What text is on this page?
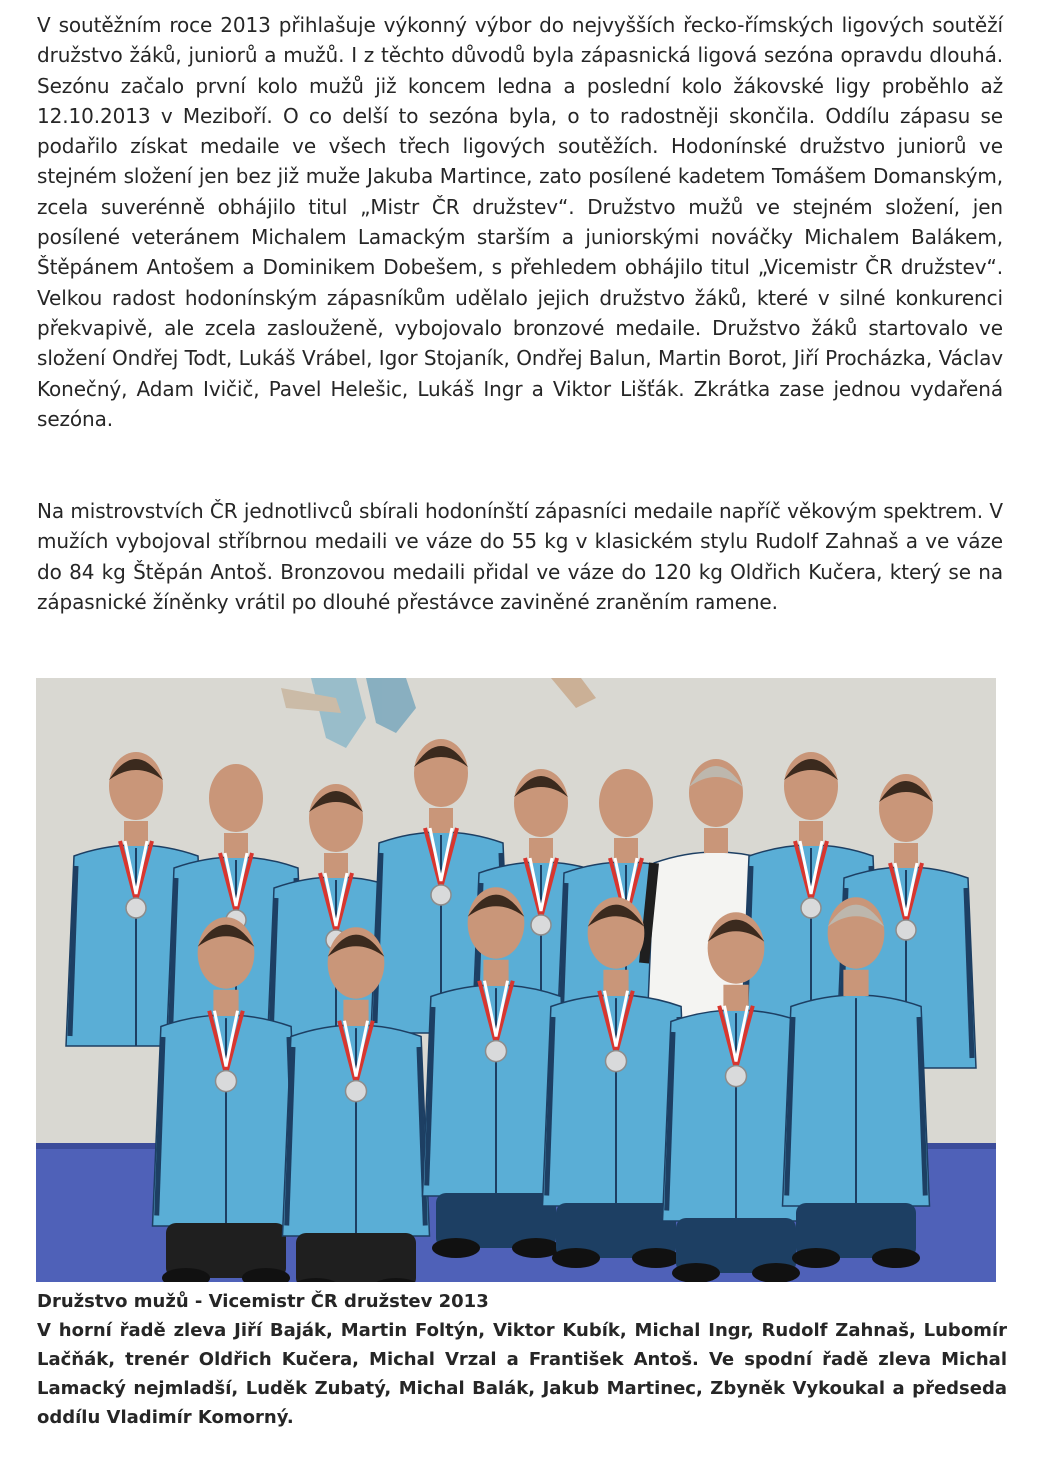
V soutěžním roce 2013 přihlašuje výkonný výbor do nejvyšších řecko-římských ligových soutěží družstvo žáků, juniorů a mužů. I z těchto důvodů byla zápasnická ligová sezóna opravdu dlouhá. Sezónu začalo první kolo mužů již koncem ledna a poslední kolo žákovské ligy proběhlo až 12.10.2013 v Meziboří. O co delší to sezóna byla, o to radostněji skončila. Oddílu zápasu se podařilo získat medaile ve všech třech ligových soutěžích. Hodonínské družstvo juniorů ve stejném složení jen bez již muže Jakuba Martince, zato posílené kadetem Tomášem Domanským, zcela suverénně obhájilo titul „Mistr ČR družstev“. Družstvo mužů ve stejném složení, jen posílené veteránem Michalem Lamackým starším a juniorskými nováčky Michalem Balákem, Štěpánem Antošem a Dominikem Dobešem, s přehledem obhájilo titul „Vicemistr ČR družstev“. Velkou radost hodonínským zápasníkům udělalo jejich družstvo žáků, které v silné konkurenci překvapivě, ale zcela zaslouženě, vybojovalo bronzové medaile. Družstvo žáků startovalo ve složení Ondřej Todt, Lukáš Vrábel, Igor Stojaník, Ondřej Balun, Martin Borot, Jiří Procházka, Václav Konečný, Adam Ivičič, Pavel Helešic, Lukáš Ingr a Viktor Lišťák. Zkrátka zase jednou vydařená sezóna.

Na mistrovstvích ČR jednotlivců sbírali hodonínští zápasníci medaile napříč věkovým spektrem. V mužích vybojoval stříbrnou medaili ve váze do 55 kg v klasickém stylu Rudolf Zahnaš a ve váze do 84 kg Štěpán Antoš. Bronzovou medaili přidal ve váze do 120 kg Oldřich Kučera, který se na zápasnické žíněnky vrátil po dlouhé přestávce zaviněné zraněním ramene.

Družstvo mužů - Vicemistr ČR družstev 2013

V horní řadě zleva Jiří Baják, Martin Foltýn, Viktor Kubík, Michal Ingr, Rudolf Zahnaš, Lubomír Lačňák, trenér Oldřich Kučera, Michal Vrzal a František Antoš. Ve spodní řadě zleva Michal Lamacký nejmladší, Luděk Zubatý, Michal Balák, Jakub Martinec, Zbyněk Vykoukal a předseda oddílu Vladimír Komorný.
